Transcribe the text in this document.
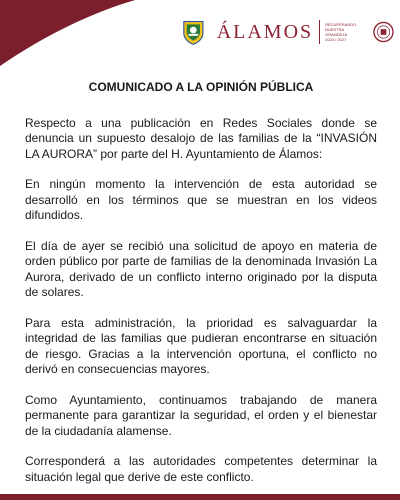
ÁLAMOS	RECUPERANDO
NUESTRA GRANDEZA
2024 / 2027
COMUNICADO A LA OPINIÓN PÚBLICA

Respecto a una publicación en Redes Sociales donde se denuncia un supuesto desalojo de las familias de la “INVASIÓN LA AURORA” por parte del H. Ayuntamiento de Álamos:

En ningún momento la intervención de esta autoridad se desarrolló en los términos que se muestran en los videos difundidos.

El día de ayer se recibió una solicitud de apoyo en materia de orden público por parte de familias de la denominada Invasión La Aurora, derivado de un conflicto interno originado por la disputa de solares.

Para esta administración, la prioridad es salvaguardar la integridad de las familias que pudieran encontrarse en situación de riesgo. Gracias a la intervención oportuna, el conflicto no derivó en consecuencias mayores.

Como Ayuntamiento, continuamos trabajando de manera permanente para garantizar la seguridad, el orden y el bienestar de la ciudadanía alamense.

Corresponderá a las autoridades competentes determinar la situación legal que derive de este conflicto.
